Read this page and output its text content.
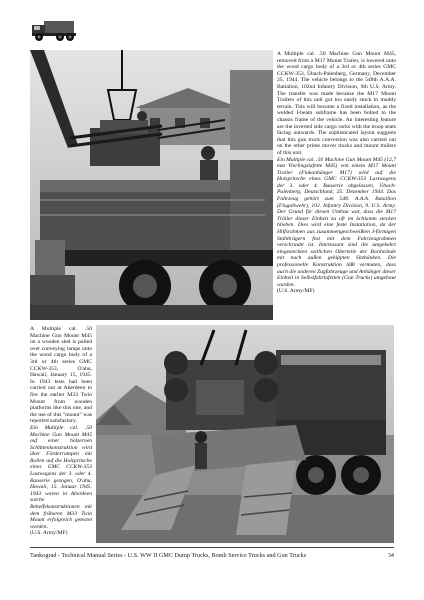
A Multiple cal. .50 Machine Gun Mount M45, removed from a M17 Mount Trailer, is lowered onto the wood cargo body of a 3rd or 4th series GMC CCKW-353, Übach-Palenberg, Germany, December 25, 1944. The vehicle belongs to the 548th A.A.A. Battalion, 102nd Infantry Division, 9th U.S. Army. The transfer was made because the M17 Mount Trailers of this unit got too easily stuck in muddy terrain. This will become a fixed installation, as the welded I-beam subframe has been bolted to the chassis frame of the vehicle. An interesting feature are the inverted side cargo racks with the troop seats facing outwards. The sophisticated layout suggests that this gun truck conversion was also carried out on the other prime mover trucks and mount trailers of this unit.

Ein Multiple cal. .50 Machine Gun Mount M45 (12,7 mm Vierlingslafette M45) von einem M17 Mount Trailer (Flakanhänger M17) wird auf die Holzpritsche eines GMC CCKW-353 Lastwagens der 3. oder 4. Bauserie abgelassen, Übach-Palenberg, Deutschland, 25. Dezember 1944. Das Fahrzeug gehört zum 548. A.A.A. Bataillon (Flugabwehr), 102. Infantry Division, 9. U.S. Army. Der Grund für diesen Umbau war, dass die M17 Träiler dieser Einheit zu oft im Schlamm stecken blieben. Dies wird eine feste Installation, da der Hilfsrahmen aus zusammengeschweißten I-förmigen Stahlträgern fest mit dem Fahrzeugrahmen verschraubt ist. Interessant sind die umgekehrt eingesteckten seitlichen Oberteile der Bordwände mit nach außen gekippten Sitzbänken. Die professionelle Konstruktion läßt vermuten, dass auch die anderen Zugfahrzeuge und Anhänger dieser Einheit in Selbstfahrlafetten (Gun Trucks) umgebaut wurden.

(U.S. Army/MF)

A Multiple cal. .50 Machine Gun Mount M45 on a wooden sled is pulled over conveying ramps onto the wood cargo body of a 3rd or 4th series GMC CCKW-353, O'ahu, Hawaii, January 15, 1945. In 1943 tests had been carried out at Aberdeen to fire the earlier M33 Twin Mount from wooden platforms like this one, and the use of this "mount" was reported satisfactory.

Ein Multiple cal. .50 Machine Gun Mount M45 auf einer hölzernen Schlittenkonstruktion wird über Förderrampen mit Rollen auf die Holzpritsche eines GMC CCKW-353 Lastwagens der 3. oder 4. Bauserie gezogen, O'ahu, Hawaii, 15. Januar 1945. 1943 waren in Aberdeen solche Behelfskonstruktionen mit dem früheren M33 Twin Mount erfolgreich getestet worden.

(U.S. Army/MF)

Tankograd - Technical Manual Series - U.S. WW II GMC Dump Trucks, Bomb Service Trucks and Gun Trucks	34
